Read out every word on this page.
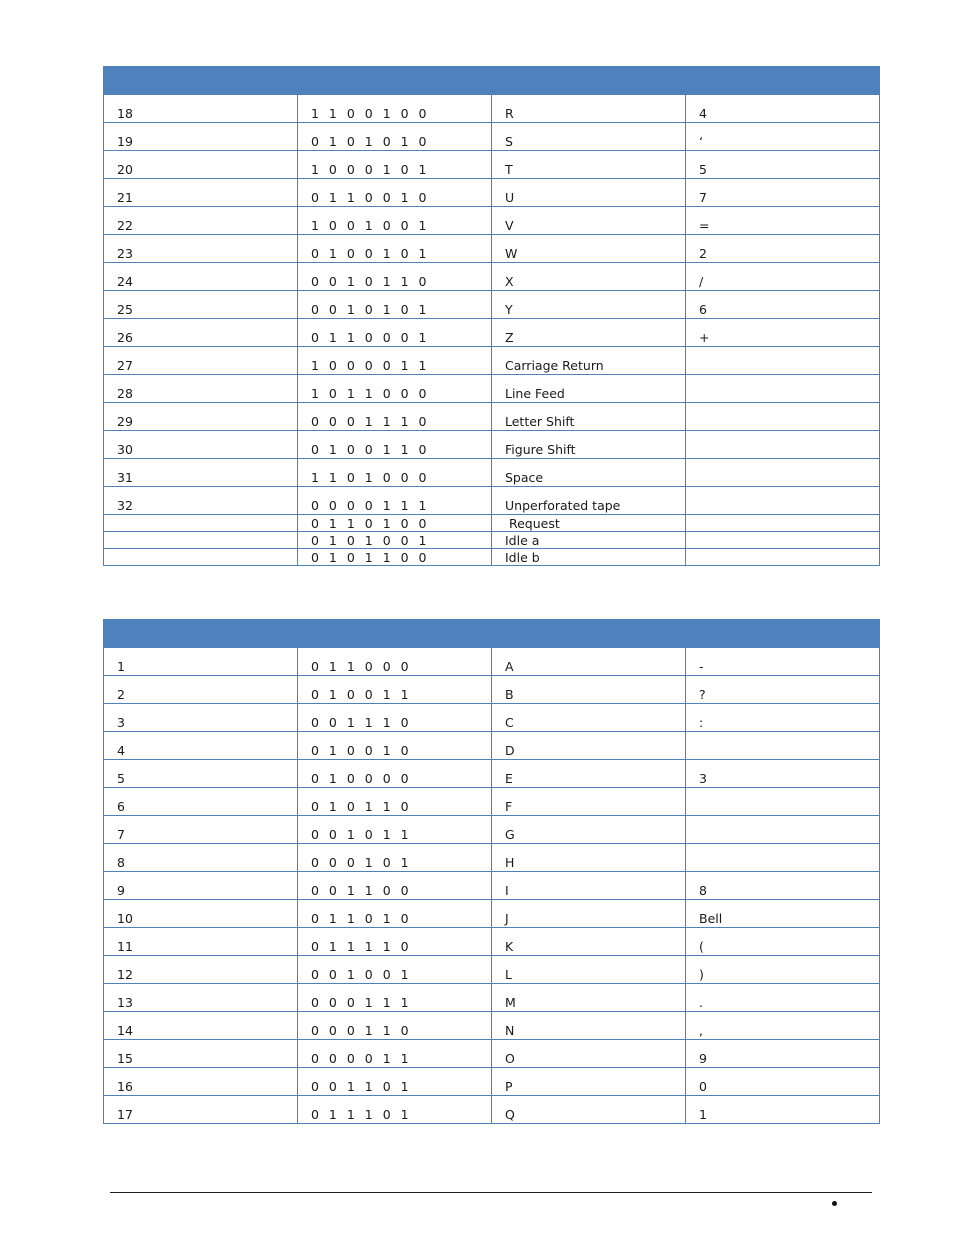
18	1 1 0 0 1 0 0	R	4
19	0 1 0 1 0 1 0	S	‘
20	1 0 0 0 1 0 1	T	5
21	0 1 1 0 0 1 0	U	7
22	1 0 0 1 0 0 1	V	=
23	0 1 0 0 1 0 1	W	2
24	0 0 1 0 1 1 0	X	/
25	0 0 1 0 1 0 1	Y	6
26	0 1 1 0 0 0 1	Z	+
27	1 0 0 0 0 1 1	Carriage Return	
28	1 0 1 1 0 0 0	Line Feed	
29	0 0 0 1 1 1 0	Letter Shift	
30	0 1 0 0 1 1 0	Figure Shift	
31	1 1 0 1 0 0 0	Space	
32	0 0 0 0 1 1 1	Unperforated tape	
	0 1 1 0 1 0 0	Request	
	0 1 0 1 0 0 1	Idle a	
	0 1 0 1 1 0 0	Idle b	

1	0 1 1 0 0 0	A	-
2	0 1 0 0 1 1	B	?
3	0 0 1 1 1 0	C	:
4	0 1 0 0 1 0	D	
5	0 1 0 0 0 0	E	3
6	0 1 0 1 1 0	F	
7	0 0 1 0 1 1	G	
8	0 0 0 1 0 1	H	
9	0 0 1 1 0 0	I	8
10	0 1 1 0 1 0	J	Bell
11	0 1 1 1 1 0	K	(
12	0 0 1 0 0 1	L	)
13	0 0 0 1 1 1	M	.
14	0 0 0 1 1 0	N	,
15	0 0 0 0 1 1	O	9
16	0 0 1 1 0 1	P	0
17	0 1 1 1 0 1	Q	1
